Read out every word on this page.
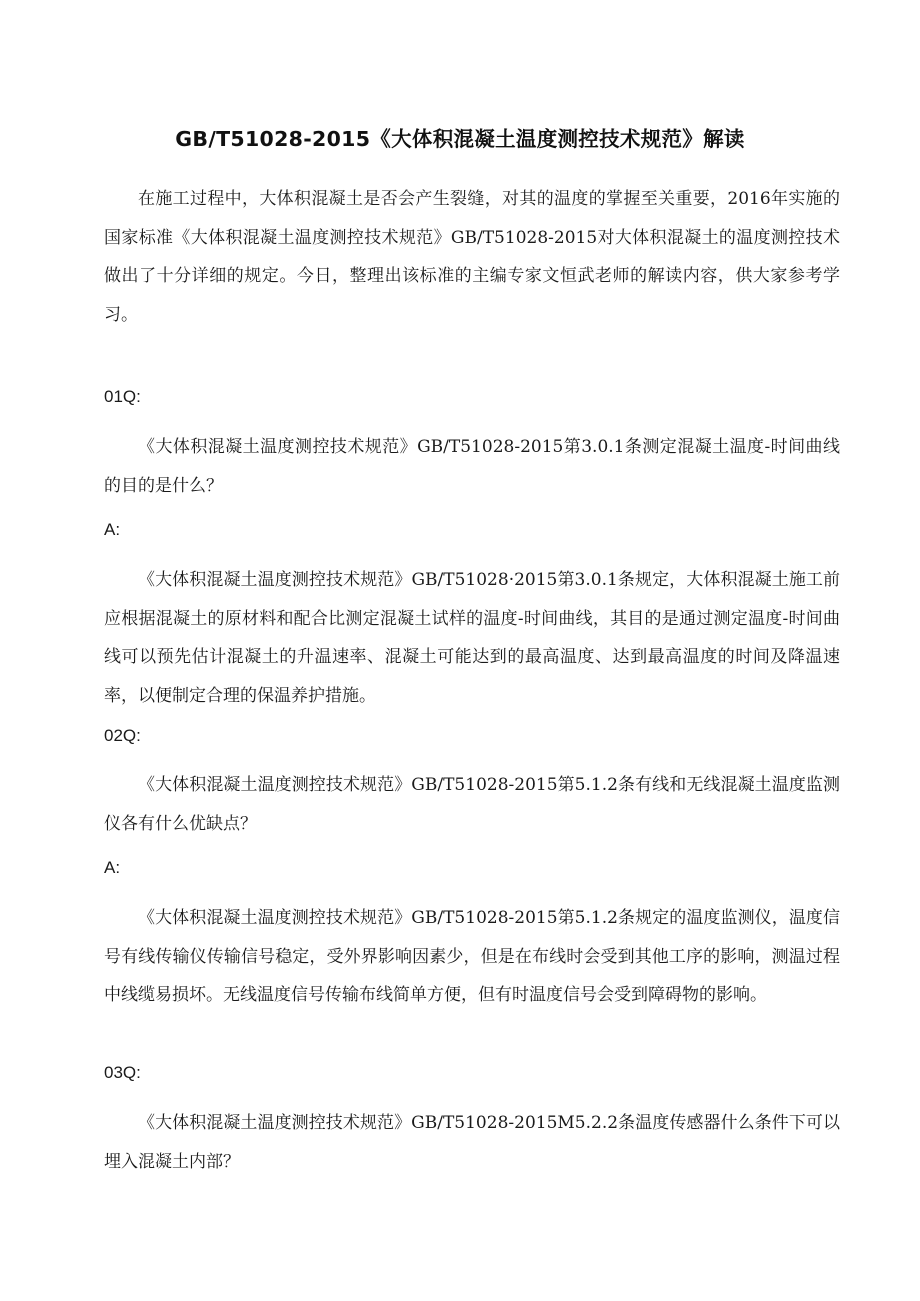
GB/T51028-2015《大体积混凝土温度测控技术规范》解读

在施工过程中，大体积混凝土是否会产生裂缝，对其的温度的掌握至关重要，2016年实施的国家标准《大体积混凝土温度测控技术规范》GB/T51028-2015对大体积混凝土的温度测控技术做出了十分详细的规定。今日，整理出该标准的主编专家文恒武老师的解读内容，供大家参考学习。

01Q:

《大体积混凝土温度测控技术规范》GB/T51028-2015第3.0.1条测定混凝土温度-时间曲线的目的是什么？

A:

《大体积混凝土温度测控技术规范》GB/T51028·2015第3.0.1条规定，大体积混凝土施工前应根据混凝土的原材料和配合比测定混凝土试样的温度-时间曲线，其目的是通过测定温度-时间曲线可以预先估计混凝土的升温速率、混凝土可能达到的最高温度、达到最高温度的时间及降温速率，以便制定合理的保温养护措施。

02Q:

《大体积混凝土温度测控技术规范》GB/T51028-2015第5.1.2条有线和无线混凝土温度监测仪各有什么优缺点？

A:

《大体积混凝土温度测控技术规范》GB/T51028-2015第5.1.2条规定的温度监测仪，温度信号有线传输仪传输信号稳定，受外界影响因素少，但是在布线时会受到其他工序的影响，测温过程中线缆易损坏。无线温度信号传输布线简单方便，但有时温度信号会受到障碍物的影响。

03Q:

《大体积混凝土温度测控技术规范》GB/T51028-2015M5.2.2条温度传感器什么条件下可以埋入混凝土内部？
